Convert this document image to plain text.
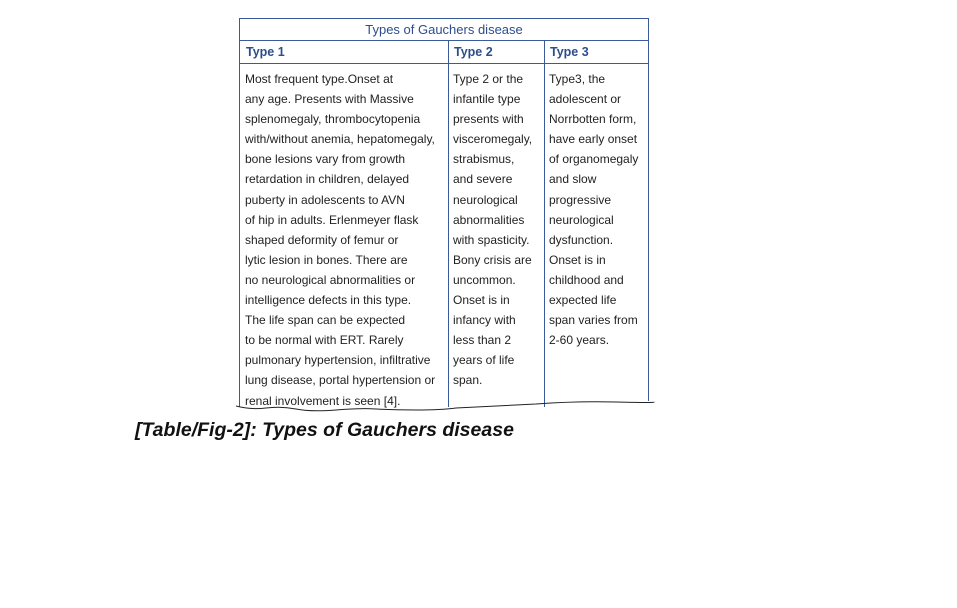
Types of Gauchers disease
Type 1	Type 2	Type 3
Most frequent type.Onset at
any age. Presents with Massive
splenomegaly, thrombocytopenia
with/without anemia, hepatomegaly,
bone lesions vary from growth
retardation in children, delayed
puberty in adolescents to AVN
of hip in adults. Erlenmeyer flask
shaped deformity of femur or
lytic lesion in bones. There are
no neurological abnormalities or
intelligence defects in this type.
The life span can be expected
to be normal with ERT. Rarely
pulmonary hypertension, infiltrative
lung disease, portal hypertension or
renal involvement is seen [4].
Type 2 or the
infantile type
presents with
visceromegaly,
strabismus,
and severe
neurological
abnormalities
with spasticity.
Bony crisis are
uncommon.
Onset is in
infancy with
less than 2
years of life
span.
Type3, the
adolescent or
Norrbotten form,
have early onset
of organomegaly
and slow
progressive
neurological
dysfunction.
Onset is in
childhood and
expected life
span varies from
2-60 years.
[Table/Fig-2]: Types of Gauchers disease
